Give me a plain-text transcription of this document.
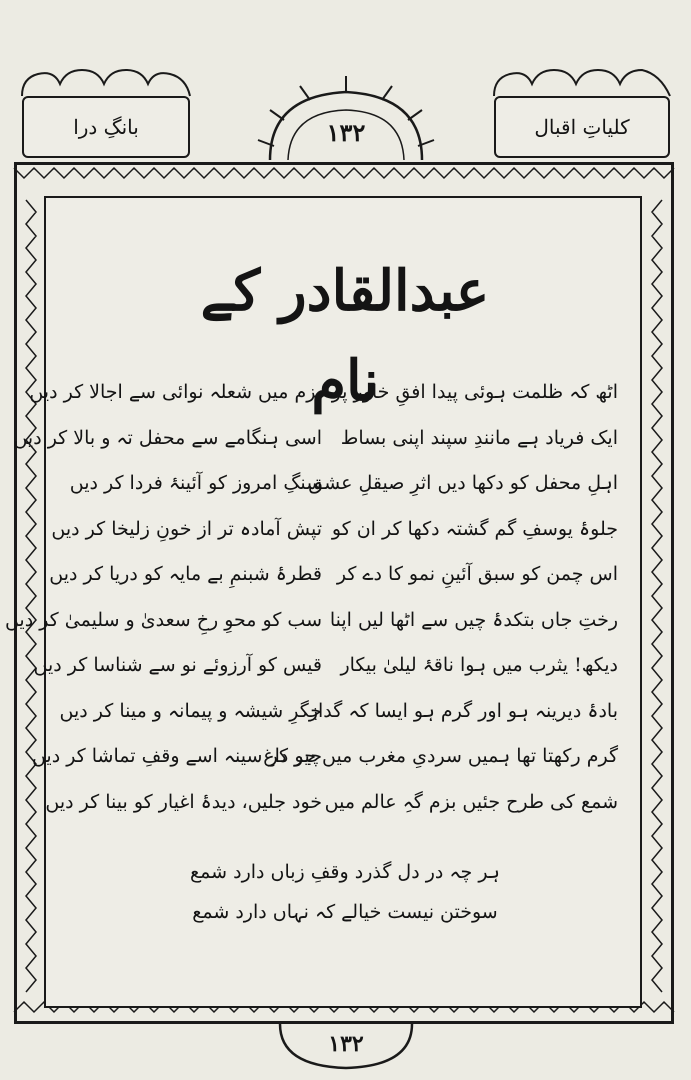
بانگِ درا	کلیاتِ اقبال
۱۳۲
عبدالقادر کے نام
اٹھ کہ ظلمت ہوئی پیدا افقِ خاور پر
ایک فریاد ہے مانندِ سپند اپنی بساط
اہلِ محفل کو دکھا دیں اثرِ صیقلِ عشق
جلوۂ یوسفِ گم گشتہ دکھا کر ان کو
اس چمن کو سبق آئینِ نمو کا دے کر
رختِ جاں بتکدۂ چیں سے اٹھا لیں اپنا
دیکھ! یثرب میں ہوا ناقۂ لیلیٰ بیکار
بادۂ دیرینہ ہو اور گرم ہو ایسا کہ گداز
گرم رکھتا تھا ہمیں سردیِ مغرب میں جو داغ
شمع کی طرح جئیں بزم گہِ عالم میں
بزم میں شعلہ نوائی سے اجالا کر دیں
اسی ہنگامے سے محفل تہ و بالا کر دیں
سنگِ امروز کو آئینۂ فردا کر دیں
تپش آمادہ تر از خونِ زلیخا کر دیں
قطرۂ شبنمِ بے مایہ کو دریا کر دیں
سب کو محوِ رخِ سعدیٰ و سلیمیٰ کر دیں
قیس کو آرزوئے نو سے شناسا کر دیں
جگرِ شیشہ و پیمانہ و مینا کر دیں
چیر کر سینہ اسے وقفِ تماشا کر دیں
خود جلیں، دیدۂ اغیار کو بینا کر دیں
ہر چہ در دل گذرد وقفِ زباں دارد شمع
سوختن نیست خیالے کہ نہاں دارد شمع
۱۳۲
